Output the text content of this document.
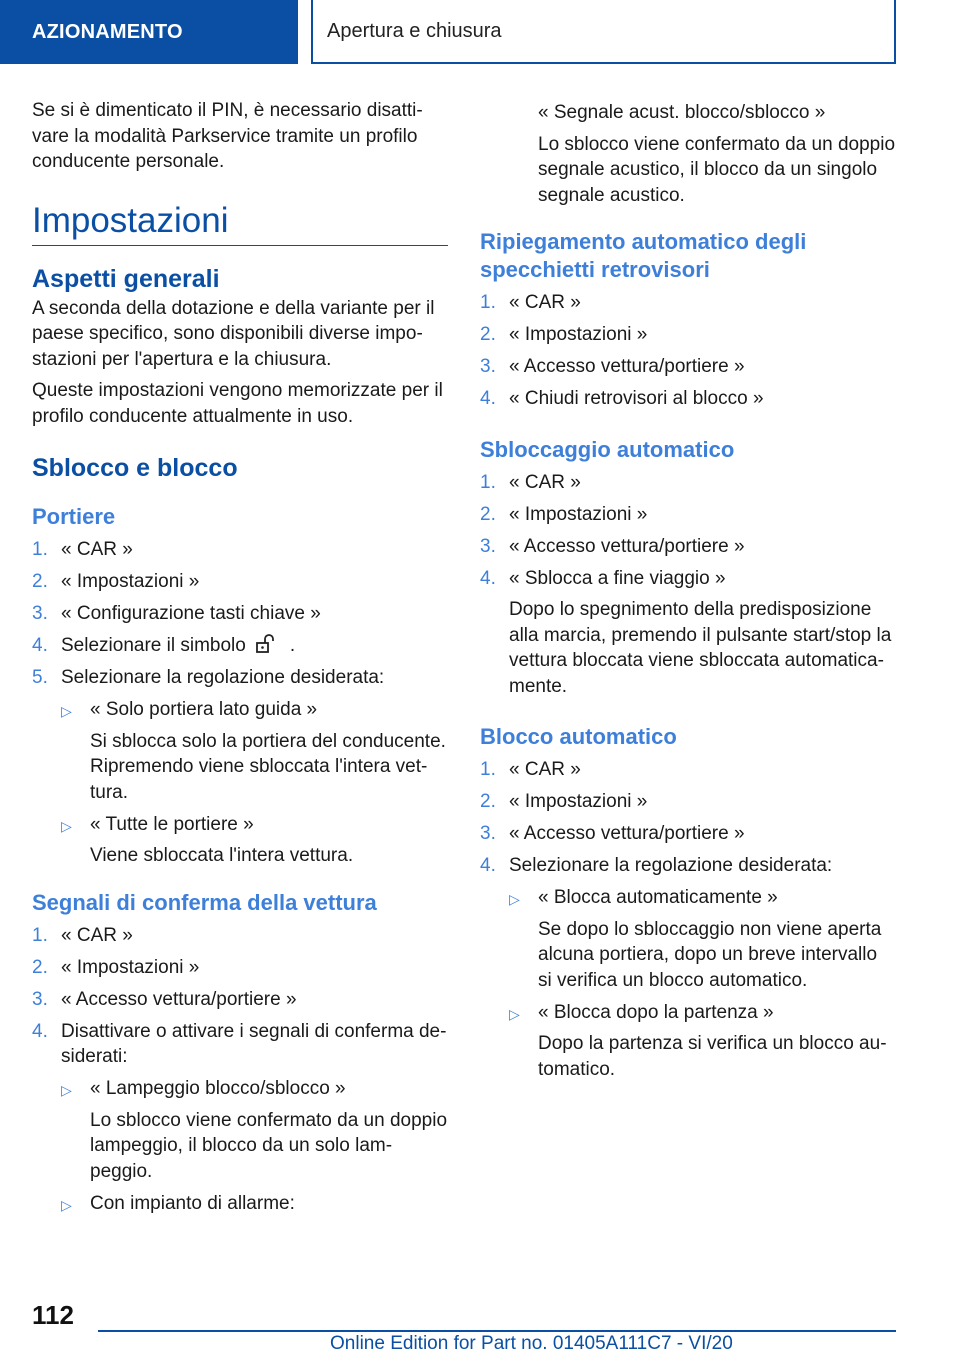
AZIONAMENTO	Apertura e chiusura

Se si è dimenticato il PIN, è necessario disattivare la modalità Parkservice tramite un profilo conducente personale.

Impostazioni
Aspetti generali

A seconda della dotazione e della variante per il paese specifico, sono disponibili diverse impostazioni per l'apertura e la chiusura.

Queste impostazioni vengono memorizzate per il profilo conducente attualmente in uso.

Sblocco e blocco
Portiere
1. « CAR »
2. « Impostazioni »
3. « Configurazione tasti chiave »
4. Selezionare il simbolo .
5. Selezionare la regolazione desiderata:
▷ « Solo portiera lato guida »
Si sblocca solo la portiera del conducente. Ripremendo viene sbloccata l'intera vettura.
▷ « Tutte le portiere »
Viene sbloccata l'intera vettura.
Segnali di conferma della vettura
1. « CAR »
2. « Impostazioni »
3. « Accesso vettura/portiere »
4. Disattivare o attivare i segnali di conferma desiderati:
▷ « Lampeggio blocco/sblocco »
Lo sblocco viene confermato da un doppio lampeggio, il blocco da un solo lampeggio.
▷ Con impianto di allarme:
« Segnale acust. blocco/sblocco »
Lo sblocco viene confermato da un doppio segnale acustico, il blocco da un singolo segnale acustico.
Ripiegamento automatico degli specchietti retrovisori
1. « CAR »
2. « Impostazioni »
3. « Accesso vettura/portiere »
4. « Chiudi retrovisori al blocco »
Sbloccaggio automatico
1. « CAR »
2. « Impostazioni »
3. « Accesso vettura/portiere »
4. « Sblocca a fine viaggio »
Dopo lo spegnimento della predisposizione alla marcia, premendo il pulsante start/stop la vettura bloccata viene sbloccata automaticamente.
Blocco automatico
1. « CAR »
2. « Impostazioni »
3. « Accesso vettura/portiere »
4. Selezionare la regolazione desiderata:
▷ « Blocca automaticamente »
Se dopo lo sbloccaggio non viene aperta alcuna portiera, dopo un breve intervallo si verifica un blocco automatico.
▷ « Blocca dopo la partenza »
Dopo la partenza si verifica un blocco automatico.
112
Online Edition for Part no. 01405A111C7 - VI/20
